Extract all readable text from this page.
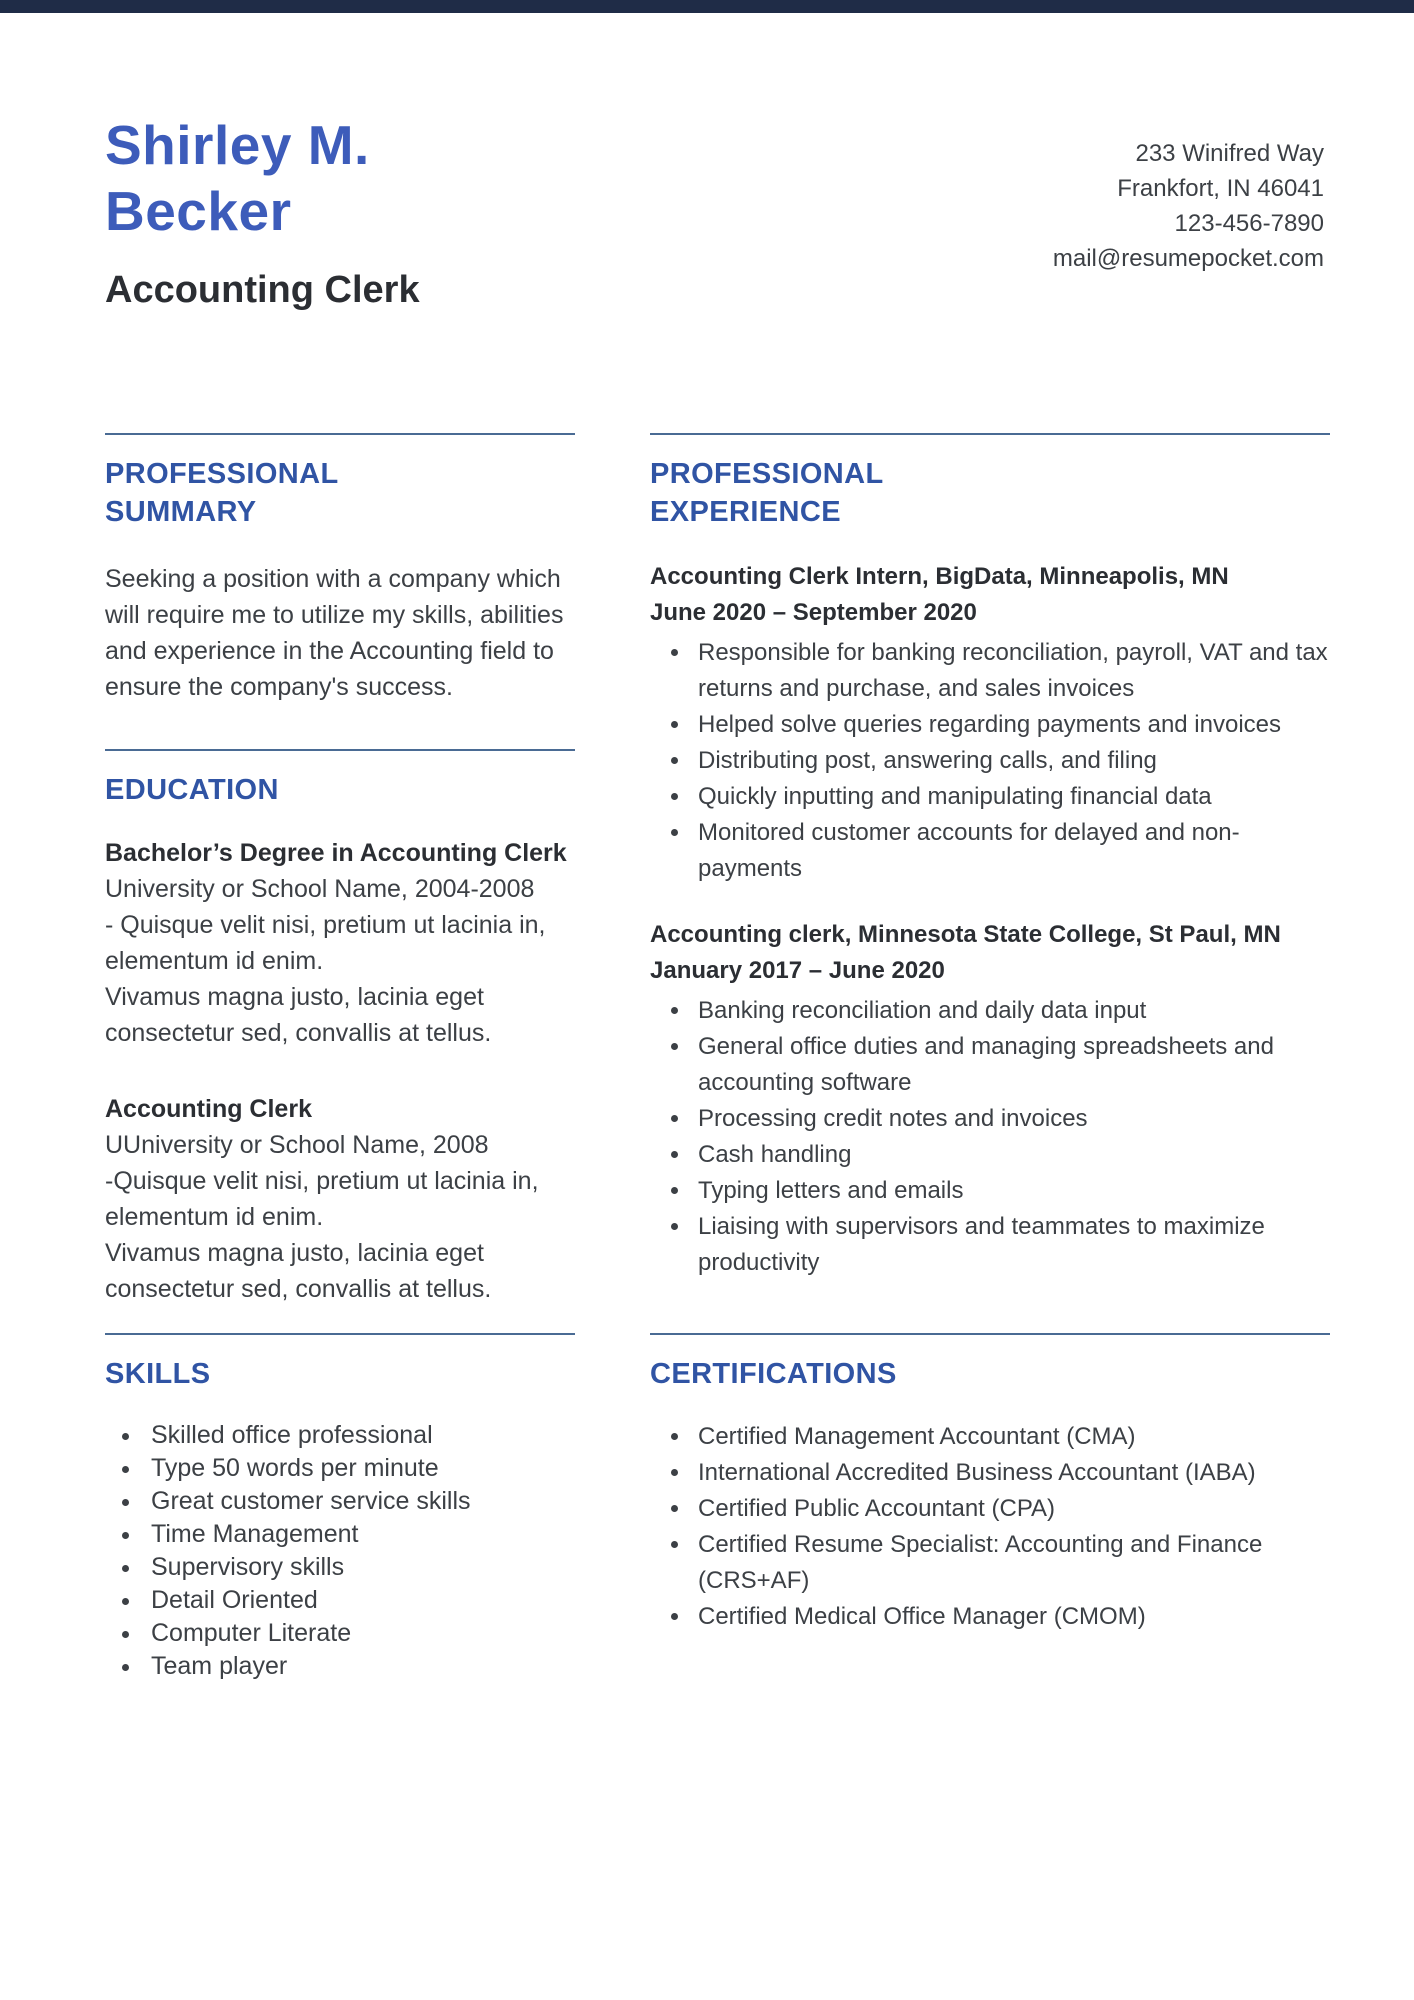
Shirley M. Becker
Accounting Clerk
233 Winifred Way
Frankfort, IN 46041
123-456-7890
mail@resumepocket.com
PROFESSIONAL SUMMARY
Seeking a position with a company which will require me to utilize my skills, abilities and experience in the Accounting field to ensure the company's success.
EDUCATION
Bachelor’s Degree in Accounting Clerk
University or School Name, 2004-2008
- Quisque velit nisi, pretium ut lacinia in, elementum id enim.
Vivamus magna justo, lacinia eget consectetur sed, convallis at tellus.
Accounting Clerk
UUniversity or School Name, 2008
-Quisque velit nisi, pretium ut lacinia in, elementum id enim.
Vivamus magna justo, lacinia eget consectetur sed, convallis at tellus.
PROFESSIONAL EXPERIENCE
Accounting Clerk Intern, BigData, Minneapolis, MN
June 2020 – September 2020
• Responsible for banking reconciliation, payroll, VAT and tax returns and purchase, and sales invoices
• Helped solve queries regarding payments and invoices
• Distributing post, answering calls, and filing
• Quickly inputting and manipulating financial data
• Monitored customer accounts for delayed and non-payments
Accounting clerk, Minnesota State College, St Paul, MN
January 2017 – June 2020
• Banking reconciliation and daily data input
• General office duties and managing spreadsheets and accounting software
• Processing credit notes and invoices
• Cash handling
• Typing letters and emails
• Liaising with supervisors and teammates to maximize productivity
SKILLS
• Skilled office professional
• Type 50 words per minute
• Great customer service skills
• Time Management
• Supervisory skills
• Detail Oriented
• Computer Literate
• Team player
CERTIFICATIONS
• Certified Management Accountant (CMA)
• International Accredited Business Accountant (IABA)
• Certified Public Accountant (CPA)
• Certified Resume Specialist: Accounting and Finance (CRS+AF)
• Certified Medical Office Manager (CMOM)
